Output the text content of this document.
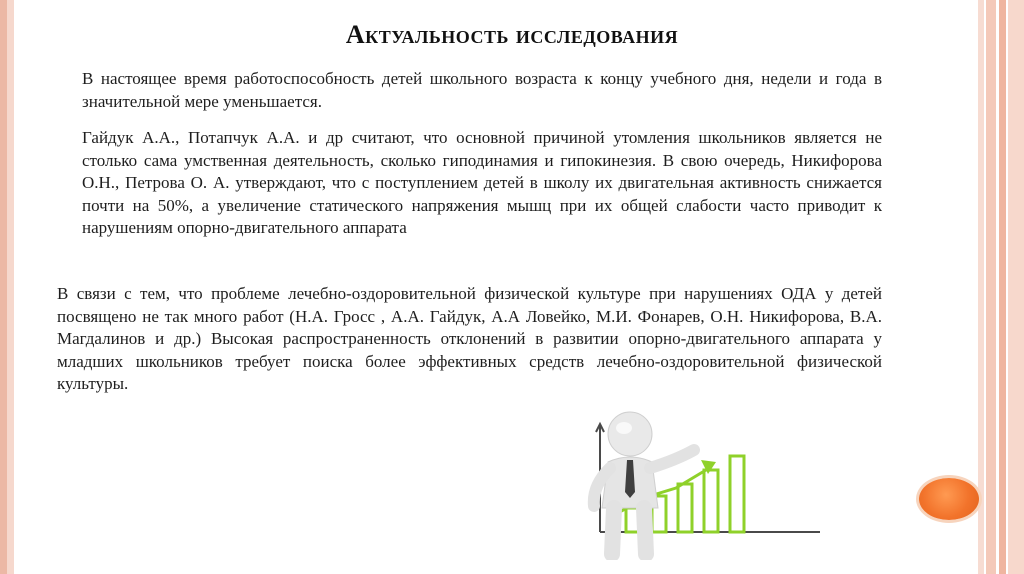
Актуальность исследования

В настоящее время работоспособность детей школьного возраста к концу учебного дня, недели и года в значительной мере уменьшается.

Гайдук А.А., Потапчук А.А. и др считают, что основной причиной утомления школьников является не столько сама умственная деятельность, сколько гиподинамия и гипокинезия. В свою очередь, Никифорова О.Н., Петрова О. А. утверждают, что с поступлением детей в школу их двигательная активность снижается почти на 50%, а увеличение статического напряжения мышц при их общей слабости часто приводит к нарушениям опорно-двигательного аппарата

В связи с тем, что проблеме лечебно-оздоровительной физической культуре при нарушениях ОДА у детей посвящено не так много работ (Н.А. Гросс , А.А. Гайдук, А.А Ловейко, М.И. Фонарев, О.Н. Никифорова, В.А. Магдалинов и др.) Высокая распространенность отклонений в развитии опорно-двигательного аппарата у младших школьников требует поиска более эффективных средств лечебно-оздоровительной физической культуры.
